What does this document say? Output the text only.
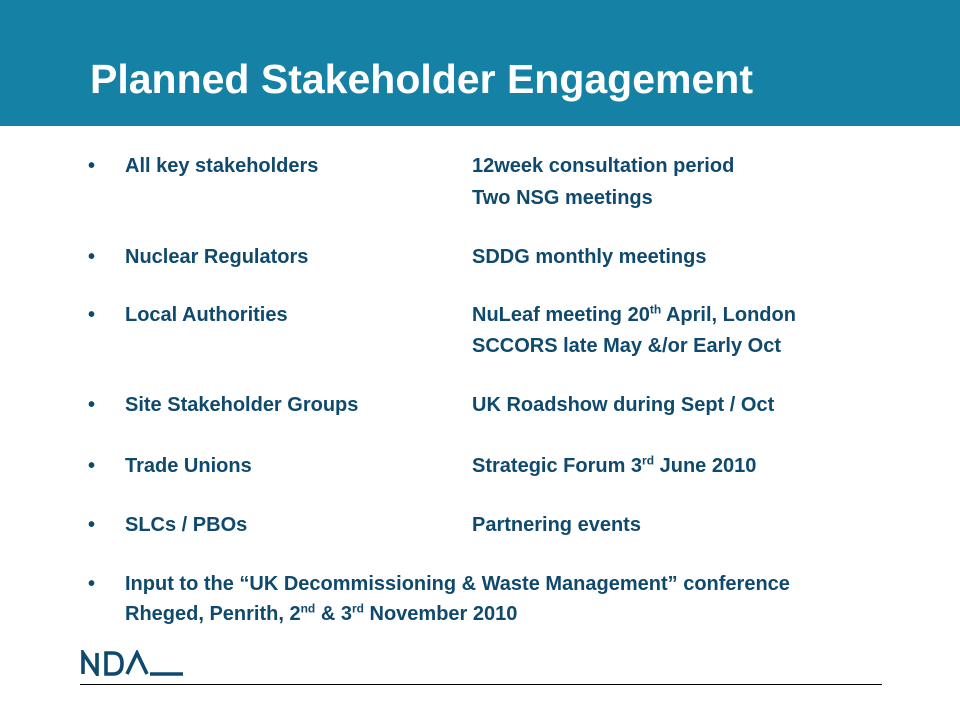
Planned Stakeholder Engagement
• All key stakeholders	12week consultation period
Two NSG meetings
• Nuclear Regulators	SDDG monthly meetings
• Local Authorities	NuLeaf meeting 20th April, London
SCCORS late May &/or Early Oct
• Site Stakeholder Groups	UK Roadshow during Sept / Oct
• Trade Unions	Strategic Forum 3rd June 2010
• SLCs / PBOs	Partnering events
• Input to the “UK Decommissioning & Waste Management” conference
Rheged, Penrith, 2nd & 3rd November 2010
